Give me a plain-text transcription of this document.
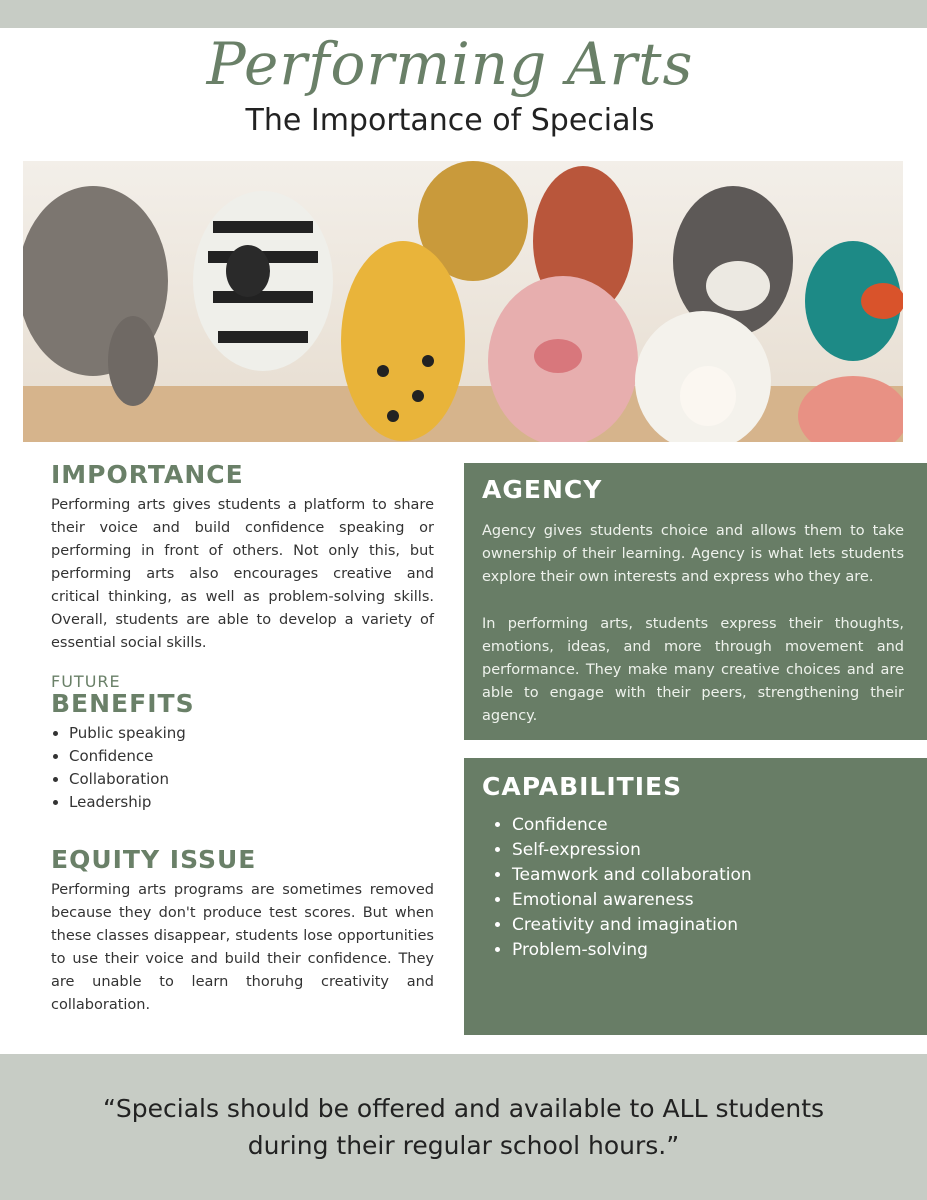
Performing Arts
The Importance of Specials
IMPORTANCE

Performing arts gives students a platform to share their voice and build confidence speaking or performing in front of others. Not only this, but performing arts also encourages creative and critical thinking, as well as problem-solving skills. Overall, students are able to develop a variety of essential social skills.

FUTURE
BENEFITS
• Public speaking
• Confidence
• Collaboration
• Leadership
EQUITY ISSUE

Performing arts programs are sometimes removed because they don't produce test scores. But when these classes disappear, students lose opportunities to use their voice and build their confidence. They are unable to learn thoruhg creativity and collaboration.

AGENCY

Agency gives students choice and allows them to take ownership of their learning. Agency is what lets students explore their own interests and express who they are.

In performing arts, students express their thoughts, emotions, ideas, and more through movement and performance. They make many creative choices and are able to engage with their peers, strengthening their agency.

CAPABILITIES
• Confidence
• Self-expression
• Teamwork and collaboration
• Emotional awareness
• Creativity and imagination
• Problem-solving
“Specials should be offered and available to ALL students
during their regular school hours.”
